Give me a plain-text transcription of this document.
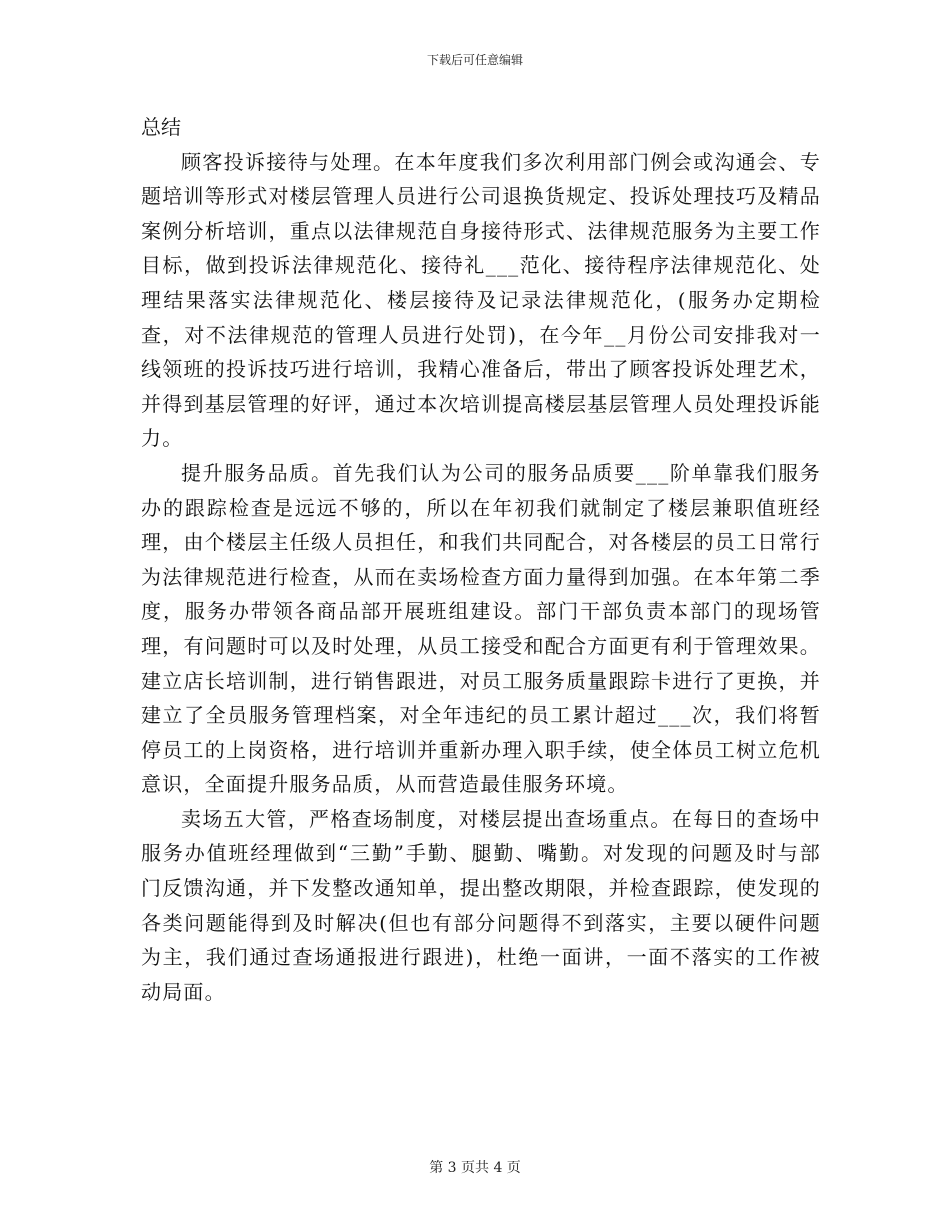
下载后可任意编辑

总结

顾客投诉接待与处理。在本年度我们多次利用部门例会或沟通会、专题培训等形式对楼层管理人员进行公司退换货规定、投诉处理技巧及精品案例分析培训，重点以法律规范自身接待形式、法律规范服务为主要工作目标，做到投诉法律规范化、接待礼___范化、接待程序法律规范化、处理结果落实法律规范化、楼层接待及记录法律规范化，(服务办定期检查，对不法律规范的管理人员进行处罚)，在今年__月份公司安排我对一线领班的投诉技巧进行培训，我精心准备后，带出了顾客投诉处理艺术，并得到基层管理的好评，通过本次培训提高楼层基层管理人员处理投诉能力。

提升服务品质。首先我们认为公司的服务品质要___阶单靠我们服务办的跟踪检查是远远不够的，所以在年初我们就制定了楼层兼职值班经理，由个楼层主任级人员担任，和我们共同配合，对各楼层的员工日常行为法律规范进行检查，从而在卖场检查方面力量得到加强。在本年第二季度，服务办带领各商品部开展班组建设。部门干部负责本部门的现场管理，有问题时可以及时处理，从员工接受和配合方面更有利于管理效果。建立店长培训制，进行销售跟进，对员工服务质量跟踪卡进行了更换，并建立了全员服务管理档案，对全年违纪的员工累计超过___次，我们将暂停员工的上岗资格，进行培训并重新办理入职手续，使全体员工树立危机意识，全面提升服务品质，从而营造最佳服务环境。

卖场五大管，严格查场制度，对楼层提出查场重点。在每日的查场中服务办值班经理做到“三勤”手勤、腿勤、嘴勤。对发现的问题及时与部门反馈沟通，并下发整改通知单，提出整改期限，并检查跟踪，使发现的各类问题能得到及时解决(但也有部分问题得不到落实，主要以硬件问题为主，我们通过查场通报进行跟进)，杜绝一面讲，一面不落实的工作被动局面。

第 3 页共 4 页
